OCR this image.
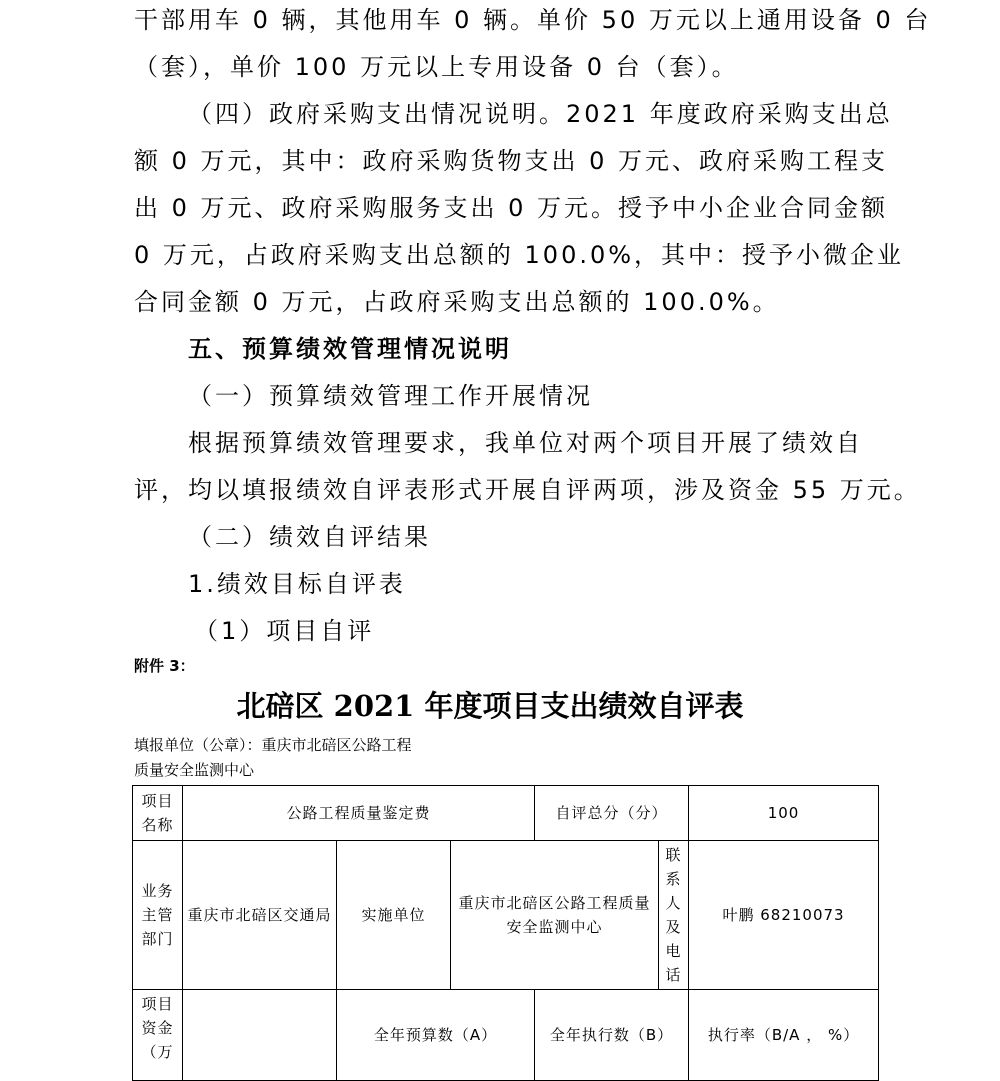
干部用车 0 辆，其他用车 0 辆。单价 50 万元以上通用设备 0 台
（套），单价 100 万元以上专用设备 0 台（套）。
（四）政府采购支出情况说明。2021 年度政府采购支出总
额 0 万元，其中：政府采购货物支出 0 万元、政府采购工程支
出 0 万元、政府采购服务支出 0 万元。授予中小企业合同金额
0 万元，占政府采购支出总额的 100.0%，其中：授予小微企业
合同金额 0 万元，占政府采购支出总额的 100.0%。
五、预算绩效管理情况说明
（一）预算绩效管理工作开展情况
根据预算绩效管理要求，我单位对两个项目开展了绩效自
评，均以填报绩效自评表形式开展自评两项，涉及资金 55 万元。
（二）绩效自评结果
1.绩效目标自评表
（1）项目自评
附件 3：
北碚区 2021 年度项目支出绩效自评表
填报单位（公章）：重庆市北碚区公路工程
质量安全监测中心
项目名称	公路工程质量鉴定费			自评总分（分）		100
业务主管部门	重庆市北碚区交通局	实施单位	重庆市北碚区公路工程质量安全监测中心		联系人及电话	叶鹏 68210073

项目资金（万		全年预算数（A）		全年执行数（B）		执行率（B/A ， %）
